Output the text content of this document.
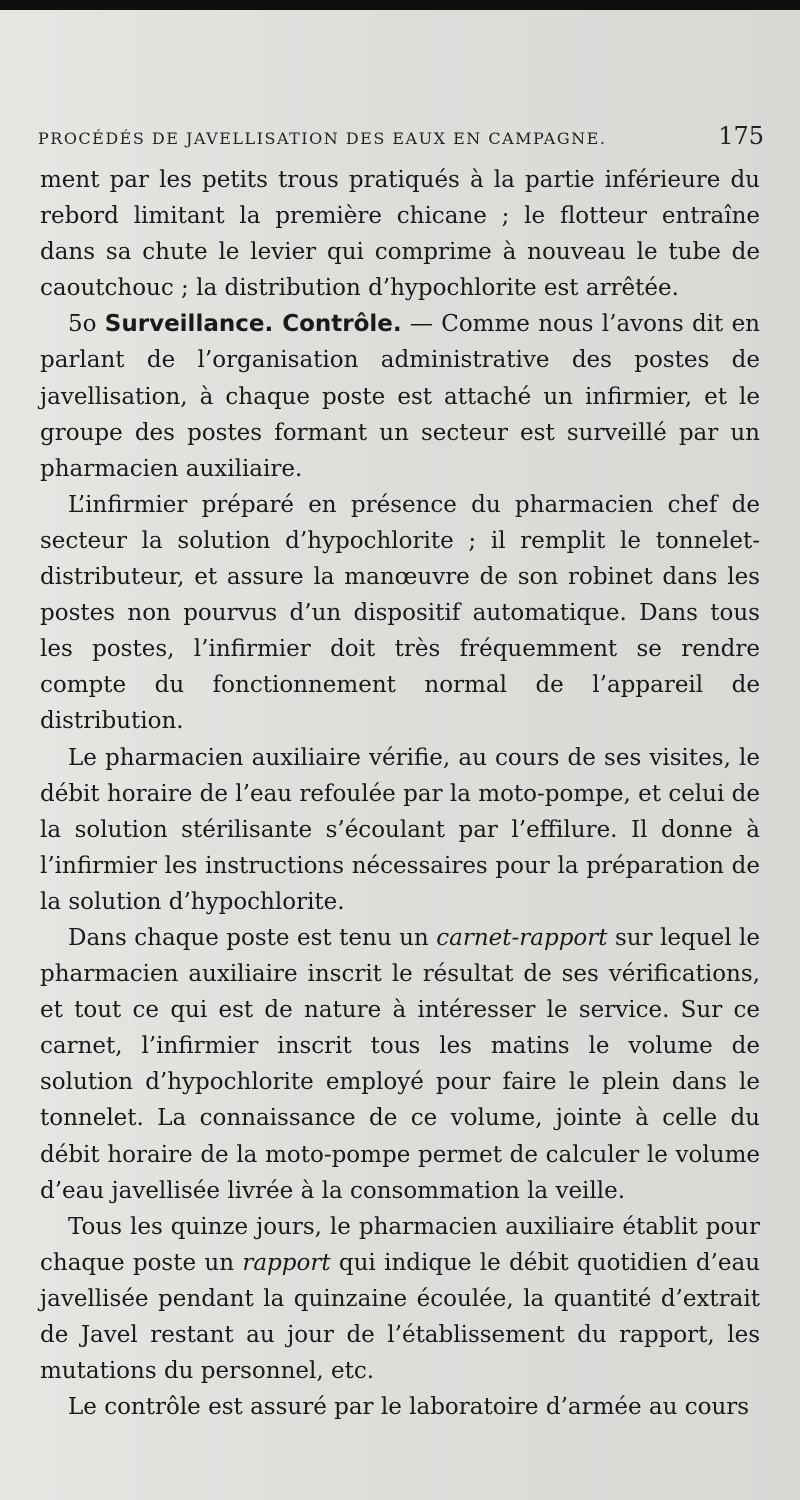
PROCÉDÉS DE JAVELLISATION DES EAUX EN CAMPAGNE.	175

ment par les petits trous pratiqués à la partie inférieure du rebord limitant la première chicane ; le flotteur entraîne dans sa chute le levier qui comprime à nouveau le tube de caoutchouc ; la distribution d’hypochlorite est arrêtée.

5o Surveillance. Contrôle. — Comme nous l’avons dit en parlant de l’organisation administrative des postes de javellisation, à chaque poste est attaché un infirmier, et le groupe des postes formant un secteur est surveillé par un pharmacien auxiliaire.

L’infirmier préparé en présence du pharmacien chef de secteur la solution d’hypochlorite ; il remplit le tonnelet-distributeur, et assure la manœuvre de son robinet dans les postes non pourvus d’un dispositif automatique. Dans tous les postes, l’infirmier doit très fréquemment se rendre compte du fonctionnement normal de l’appareil de distribution.

Le pharmacien auxiliaire vérifie, au cours de ses visites, le débit horaire de l’eau refoulée par la moto-pompe, et celui de la solution stérilisante s’écoulant par l’effilure. Il donne à l’infirmier les instructions nécessaires pour la préparation de la solution d’hypochlorite.

Dans chaque poste est tenu un carnet-rapport sur lequel le pharmacien auxiliaire inscrit le résultat de ses vérifications, et tout ce qui est de nature à intéresser le service. Sur ce carnet, l’infirmier inscrit tous les matins le volume de solution d’hypochlorite employé pour faire le plein dans le tonnelet. La connaissance de ce volume, jointe à celle du débit horaire de la moto-pompe permet de calculer le volume d’eau javellisée livrée à la consommation la veille.

Tous les quinze jours, le pharmacien auxiliaire établit pour chaque poste un rapport qui indique le débit quotidien d’eau javellisée pendant la quinzaine écoulée, la quantité d’extrait de Javel restant au jour de l’établissement du rapport, les mutations du personnel, etc.

Le contrôle est assuré par le laboratoire d’armée au cours
